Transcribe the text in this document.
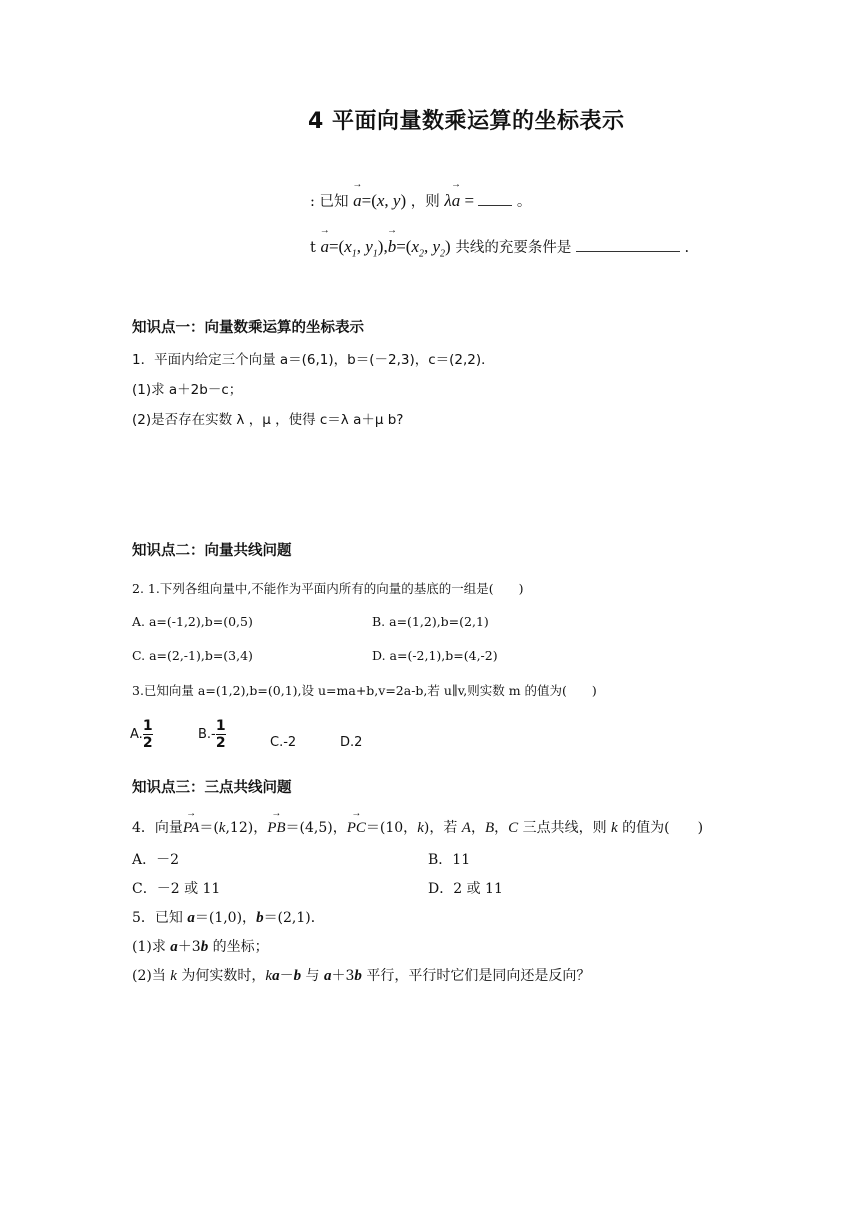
4 平面向量数乘运算的坐标表示
: 已知 → a=(x, y) ，则 λ→ a =	。
$t \to a=(x_1$, $y_1),\to b=(x_2$, $y_2$) 共线的充要条件是	.
知识点一：向量数乘运算的坐标表示
1．平面内给定三个向量 a＝(6,1)，b＝(－2,3)，c＝(2,2)．
(1)求 a＋2b－c；
(2)是否存在实数 λ ，μ ，使得 c＝λ a＋μ b?
知识点二：向量共线问题
2. 1.下列各组向量中,不能作为平面内所有的向量的基底的一组是(　　)
A. a=(-1,2),b=(0,5)	B. a=(1,2),b=(2,1)
C. a=(2,-1),b=(3,4)	D. a=(-2,1),b=(4,-2)
3.已知向量 a=(1,2),b=(0,1),设 u=ma+b,v=2a-b,若 u∥v,则实数 m 的值为(　　)
A. $\frac{1}{2}$	$B.- \frac{1}{2}$	C.-2	D.2
知识点三：三点共线问题
4．向量→ PA＝(k,12)，→ PB＝(4,5)，→ PC＝(10，k)，若 A，B，C 三点共线，则 k 的值为(　　)
A．－2	B．11
C．－2 或 11	D．2 或 11
5．已知 a＝(1,0)，b＝(2,1)．
(1)求 a＋3b 的坐标；
(2)当 k 为何实数时，ka－b 与 a＋3b 平行，平行时它们是同向还是反向？
